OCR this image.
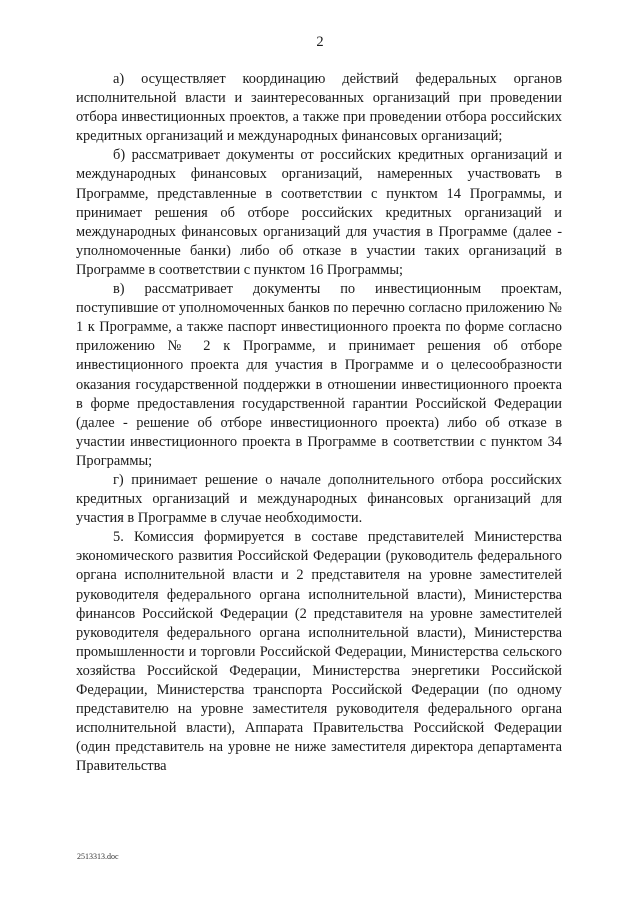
2

а) осуществляет координацию действий федеральных органов исполнительной власти и заинтересованных организаций при проведении отбора инвестиционных проектов, а также при проведении отбора российских кредитных организаций и международных финансовых организаций;

б) рассматривает документы от российских кредитных организаций и международных финансовых организаций, намеренных участвовать в Программе, представленные в соответствии с пунктом 14 Программы, и принимает решения об отборе российских кредитных организаций и международных финансовых организаций для участия в Программе (далее - уполномоченные банки) либо об отказе в участии таких организаций в Программе в соответствии с пунктом 16 Программы;

в) рассматривает документы по инвестиционным проектам, поступившие от уполномоченных банков по перечню согласно приложению № 1 к Программе, а также паспорт инвестиционного проекта по форме согласно приложению № 2 к Программе, и принимает решения об отборе инвестиционного проекта для участия в Программе и о целесообразности оказания государственной поддержки в отношении инвестиционного проекта в форме предоставления государственной гарантии Российской Федерации (далее - решение об отборе инвестиционного проекта) либо об отказе в участии инвестиционного проекта в Программе в соответствии с пунктом 34 Программы;

г) принимает решение о начале дополнительного отбора российских кредитных организаций и международных финансовых организаций для участия в Программе в случае необходимости.

5. Комиссия формируется в составе представителей Министерства экономического развития Российской Федерации (руководитель федерального органа исполнительной власти и 2 представителя на уровне заместителей руководителя федерального органа исполнительной власти), Министерства финансов Российской Федерации (2 представителя на уровне заместителей руководителя федерального органа исполнительной власти), Министерства промышленности и торговли Российской Федерации, Министерства сельского хозяйства Российской Федерации, Министерства энергетики Российской Федерации, Министерства транспорта Российской Федерации (по одному представителю на уровне заместителя руководителя федерального органа исполнительной власти), Аппарата Правительства Российской Федерации (один представитель на уровне не ниже заместителя директора департамента Правительства

2513313.doc
